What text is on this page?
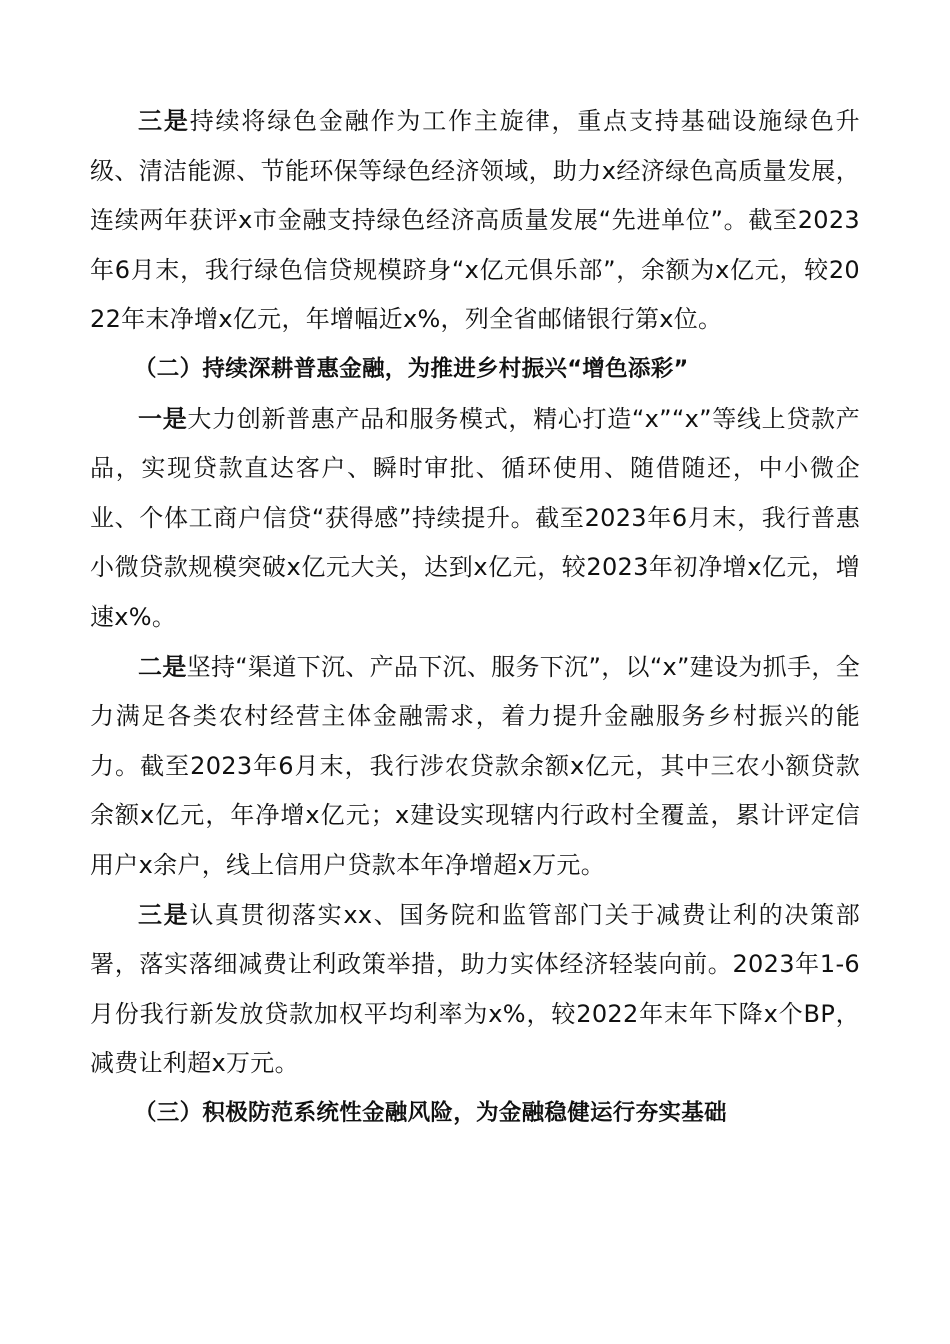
三是持续将绿色金融作为工作主旋律，重点支持基础设施绿色升级、清洁能源、节能环保等绿色经济领域，助力x经济绿色高质量发展，连续两年获评x市金融支持绿色经济高质量发展“先进单位”。截至2023年6月末，我行绿色信贷规模跻身“x亿元俱乐部”，余额为x亿元，较2022年末净增x亿元，年增幅近x%，列全省邮储银行第x位。

（二）持续深耕普惠金融，为推进乡村振兴“增色添彩”

一是大力创新普惠产品和服务模式，精心打造“x”“x”等线上贷款产品，实现贷款直达客户、瞬时审批、循环使用、随借随还，中小微企业、个体工商户信贷“获得感”持续提升。截至2023年6月末，我行普惠小微贷款规模突破x亿元大关，达到x亿元，较2023年初净增x亿元，增速x%。

二是坚持“渠道下沉、产品下沉、服务下沉”，以“x”建设为抓手，全力满足各类农村经营主体金融需求，着力提升金融服务乡村振兴的能力。截至2023年6月末，我行涉农贷款余额x亿元，其中三农小额贷款余额x亿元，年净增x亿元；x建设实现辖内行政村全覆盖，累计评定信用户x余户，线上信用户贷款本年净增超x万元。

三是认真贯彻落实xx、国务院和监管部门关于减费让利的决策部署，落实落细减费让利政策举措，助力实体经济轻装向前。2023年1-6月份我行新发放贷款加权平均利率为x%，较2022年末年下降x个BP，减费让利超x万元。

（三）积极防范系统性金融风险，为金融稳健运行夯实基础
